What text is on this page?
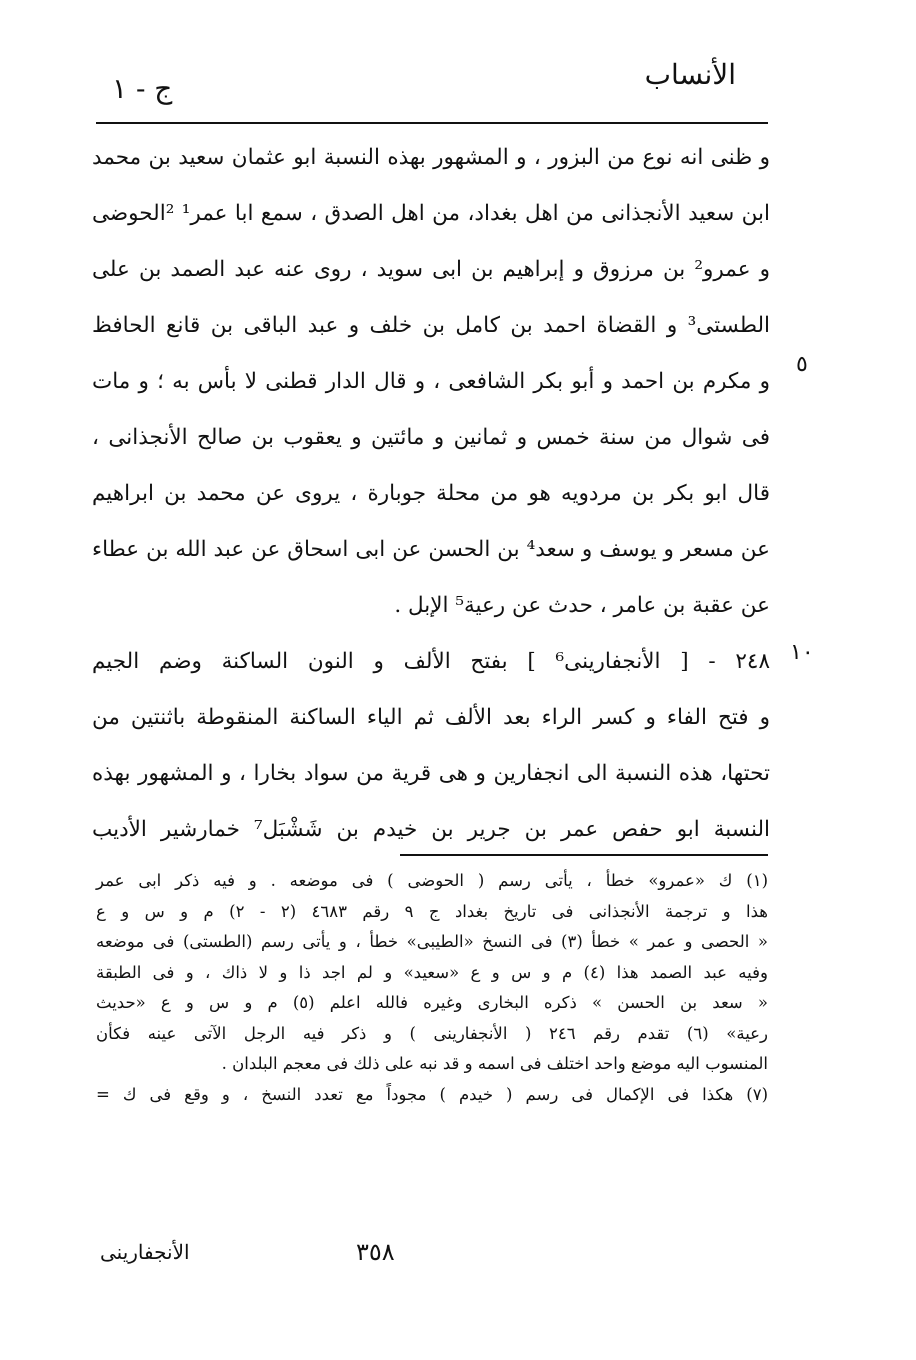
الأنساب
ج - ١
و ظنى انه نوع من البزور ، و المشهور بهذه النسبة ابو عثمان سعيد بن محمد
ابن سعيد الأنجذانى من اهل بغداد، من اهل الصدق ، سمع ابا عمر¹ ²الحوضى
و عمرو² بن مرزوق و إبراهيم بن ابى سويد ، روى عنه عبد الصمد بن على
الطستى³ و القضاة احمد بن كامل بن خلف و عبد الباقى بن قانع الحافظ
و مكرم بن احمد و أبو بكر الشافعى ، و قال الدار قطنى لا بأس به ؛ و مات
فى شوال من سنة خمس و ثمانين و مائتين و يعقوب بن صالح الأنجذانى ،
قال ابو بكر بن مردويه هو من محلة جوبارة ، يروى عن محمد بن ابراهيم
عن مسعر و يوسف و سعد⁴ بن الحسن عن ابى اسحاق عن عبد الله بن عطاء
عن عقبة بن عامر ، حدث عن رعية⁵ الإبل .
٢٤٨ - [ الأنجفارينى⁶ ] بفتح الألف و النون الساكنة وضم الجيم
و فتح الفاء و كسر الراء بعد الألف ثم الياء الساكنة المنقوطة باثنتين من
تحتها، هذه النسبة الى انجفارين و هى قرية من سواد بخارا ، و المشهور بهذه
النسبة ابو حفص عمر بن جرير بن خيدم بن شَشْبَل⁷ خمارشير الأديب
٥
١٠
(١) ك «عمرو» خطأ ، يأتى رسم ( الحوضى ) فى موضعه . و فيه ذكر ابى عمر
هذا و ترجمة الأنجذانى فى تاريخ بغداد ج ٩ رقم ٤٦٨٣ (٢ - ٢) م و س و ع
« الحصى و عمر » خطأ (٣) فى النسخ «الطيبى» خطأ ، و يأتى رسم (الطستى) فى موضعه
وفيه عبد الصمد هذا (٤) م و س و ع «سعيد» و لم اجد ذا و لا ذاك ، و فى الطبقة
« سعد بن الحسن » ذكره البخارى وغيره فالله اعلم (٥) م و س و ع «حديث
رعية» (٦) تقدم رقم ٢٤٦ ( الأنجفارينى ) و ذكر فيه الرجل الآتى عينه فكأن
المنسوب اليه موضع واحد اختلف فى اسمه و قد نبه على ذلك فى معجم البلدان .
(٧) هكذا فى الإكمال فى رسم ( خيدم ) مجوداً مع تعدد النسخ ، و وقع فى ك =
٣٥٨
الأنجفارينى
